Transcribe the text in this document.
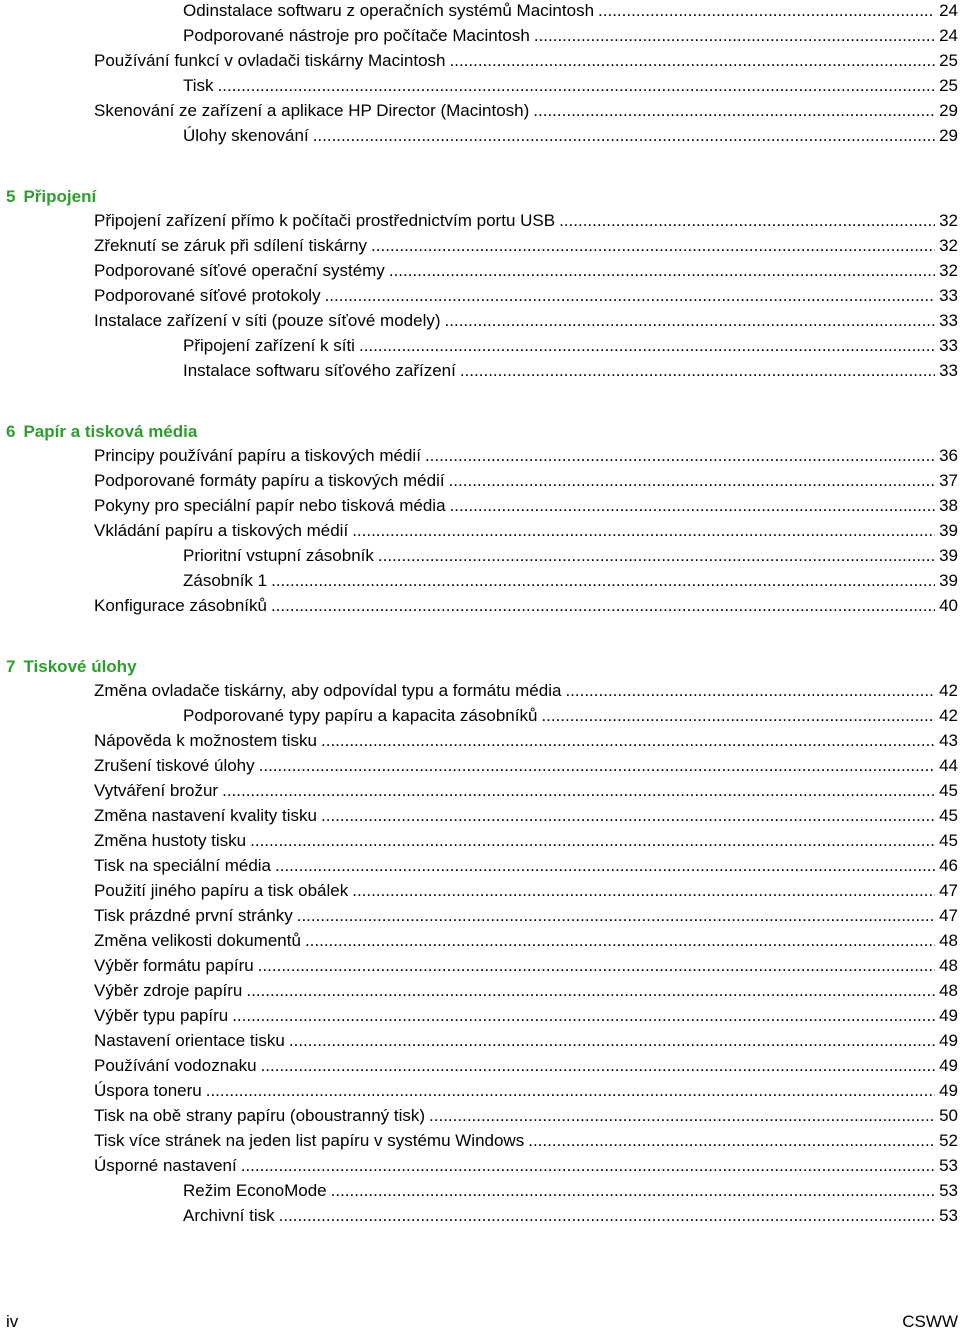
Odinstalace softwaru z operačních systémů Macintosh .....	24
Podporované nástroje pro počítače Macintosh .....	24
Používání funkcí v ovladači tiskárny Macintosh .....	25
Tisk .....	25
Skenování ze zařízení a aplikace HP Director (Macintosh) .....	29
Úlohy skenování .....	29
5 Připojení
Připojení zařízení přímo k počítači prostřednictvím portu USB .....	32
Zřeknutí se záruk při sdílení tiskárny .....	32
Podporované síťové operační systémy .....	32
Podporované síťové protokoly .....	33
Instalace zařízení v síti (pouze síťové modely) .....	33
Připojení zařízení k síti .....	33
Instalace softwaru síťového zařízení .....	33
6 Papír a tisková média
Principy používání papíru a tiskových médií .....	36
Podporované formáty papíru a tiskových médií .....	37
Pokyny pro speciální papír nebo tisková média .....	38
Vkládání papíru a tiskových médií .....	39
Prioritní vstupní zásobník .....	39
Zásobník 1 .....	39
Konfigurace zásobníků .....	40
7 Tiskové úlohy
Změna ovladače tiskárny, aby odpovídal typu a formátu média .....	42
Podporované typy papíru a kapacita zásobníků .....	42
Nápověda k možnostem tisku .....	43
Zrušení tiskové úlohy .....	44
Vytváření brožur .....	45
Změna nastavení kvality tisku .....	45
Změna hustoty tisku .....	45
Tisk na speciální média .....	46
Použití jiného papíru a tisk obálek .....	47
Tisk prázdné první stránky .....	47
Změna velikosti dokumentů .....	48
Výběr formátu papíru .....	48
Výběr zdroje papíru .....	48
Výběr typu papíru .....	49
Nastavení orientace tisku .....	49
Používání vodoznaku .....	49
Úspora toneru .....	49
Tisk na obě strany papíru (oboustranný tisk) .....	50
Tisk více stránek na jeden list papíru v systému Windows .....	52
Úsporné nastavení .....	53
Režim EconoMode .....	53
Archivní tisk .....	53
iv	CSWW
